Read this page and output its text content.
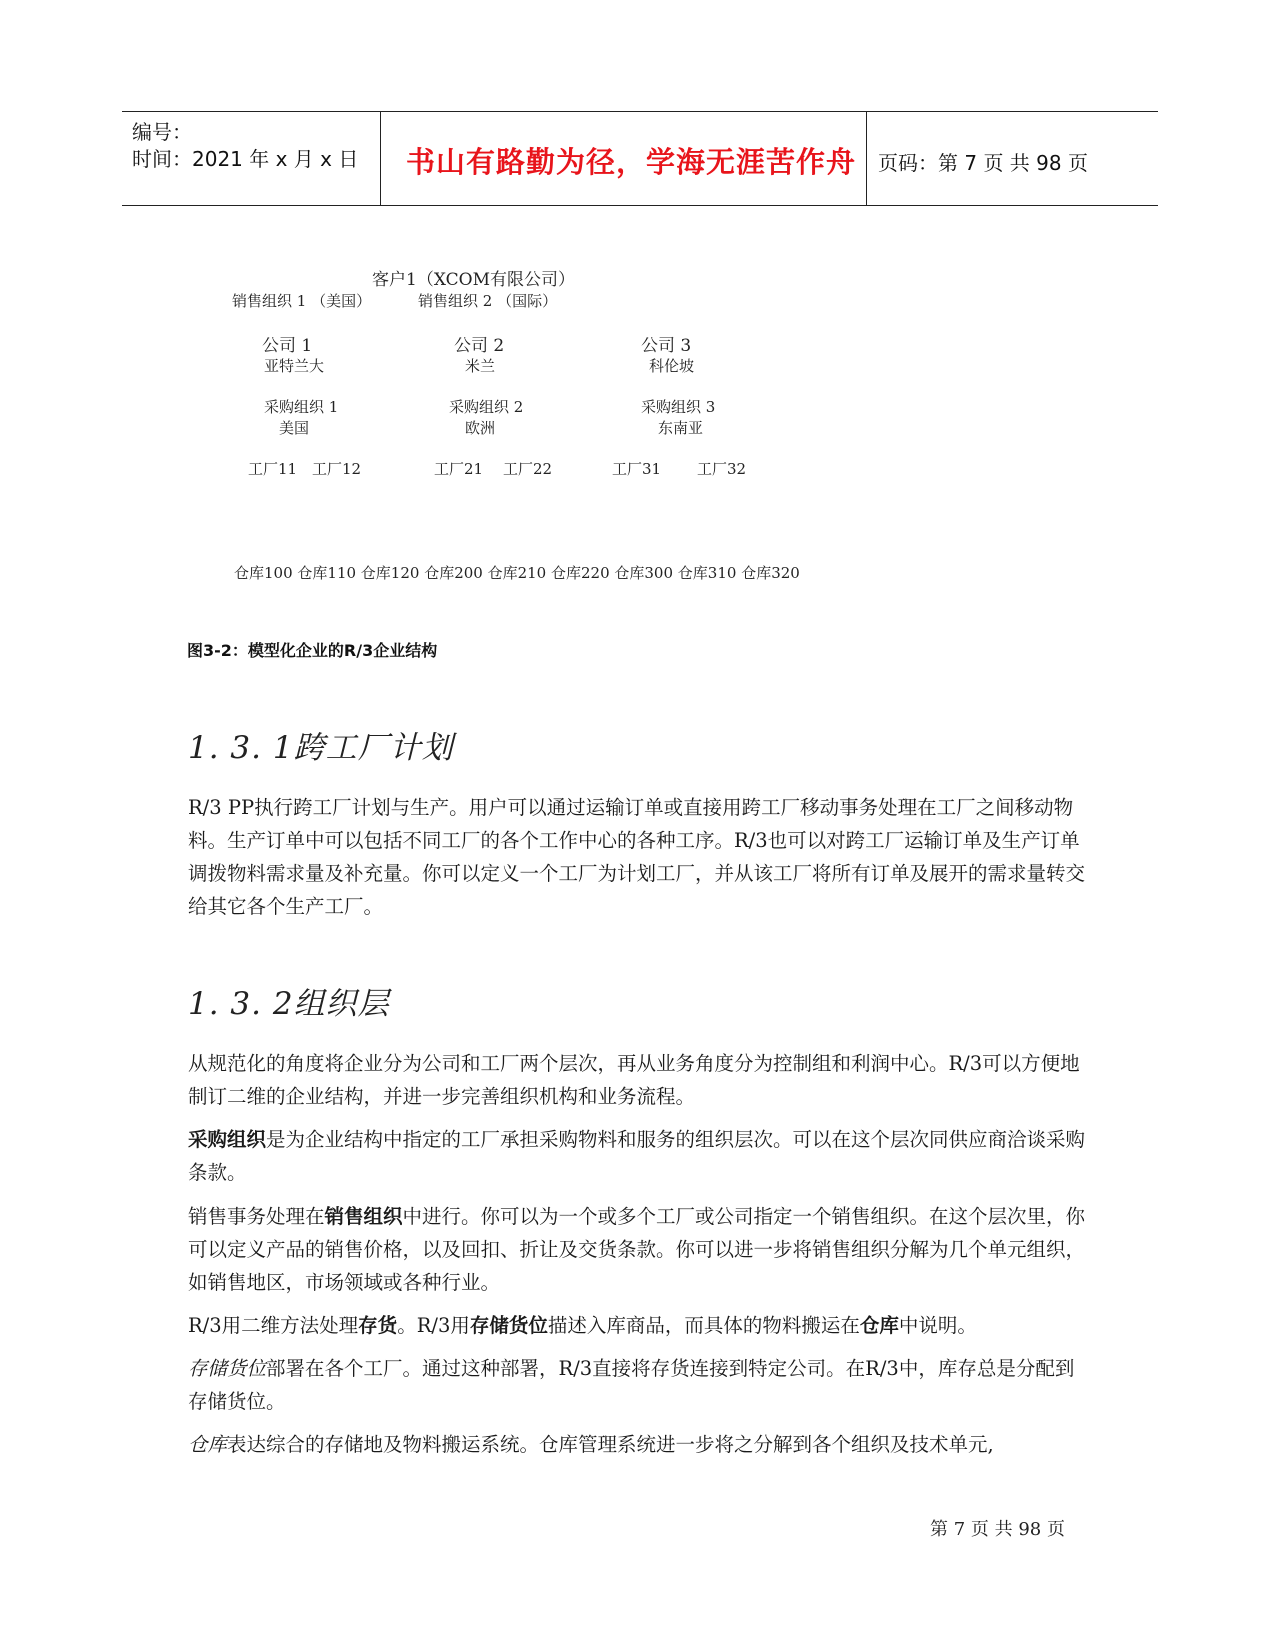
编号：
时间：2021 年 x 月 x 日 书山有路勤为径，学海无涯苦作舟 页码：第 7 页 共 98 页
客户1（XCOM有限公司）
销售组织 1 （美国）	销售组织 2 （国际）
公司 1
亚特兰大
公司 2
米兰
公司 3
科伦坡
采购组织 1
美国
采购组织 2
欧洲
采购组织 3
东南亚
工厂11 工厂12	工厂21 工厂22	工厂31 工厂32
仓库100 仓库110 仓库120 仓库200 仓库210 仓库220 仓库300 仓库310 仓库320
图3-2：模型化企业的R/3企业结构
1. 3. 1跨工厂计划
R/3 PP执行跨工厂计划与生产。用户可以通过运输订单或直接用跨工厂移动事务处理在工厂之间移动物料。生产订单中可以包括不同工厂的各个工作中心的各种工序。R/3也可以对跨工厂运输订单及生产订单调拨物料需求量及补充量。你可以定义一个工厂为计划工厂，并从该工厂将所有订单及展开的需求量转交给其它各个生产工厂。
1. 3. 2组织层
从规范化的角度将企业分为公司和工厂两个层次，再从业务角度分为控制组和利润中心。R/3可以方便地制订二维的企业结构，并进一步完善组织机构和业务流程。
采购组织是为企业结构中指定的工厂承担采购物料和服务的组织层次。可以在这个层次同供应商洽谈采购条款。
销售事务处理在销售组织中进行。你可以为一个或多个工厂或公司指定一个销售组织。在这个层次里，你可以定义产品的销售价格，以及回扣、折让及交货条款。你可以进一步将销售组织分解为几个单元组织，如销售地区，市场领域或各种行业。
R/3用二维方法处理存货。R/3用存储货位描述入库商品，而具体的物料搬运在仓库中说明。
存储货位部署在各个工厂。通过这种部署，R/3直接将存货连接到特定公司。在R/3中，库存总是分配到存储货位。
仓库表达综合的存储地及物料搬运系统。仓库管理系统进一步将之分解到各个组织及技术单元,
第 7 页 共 98 页
